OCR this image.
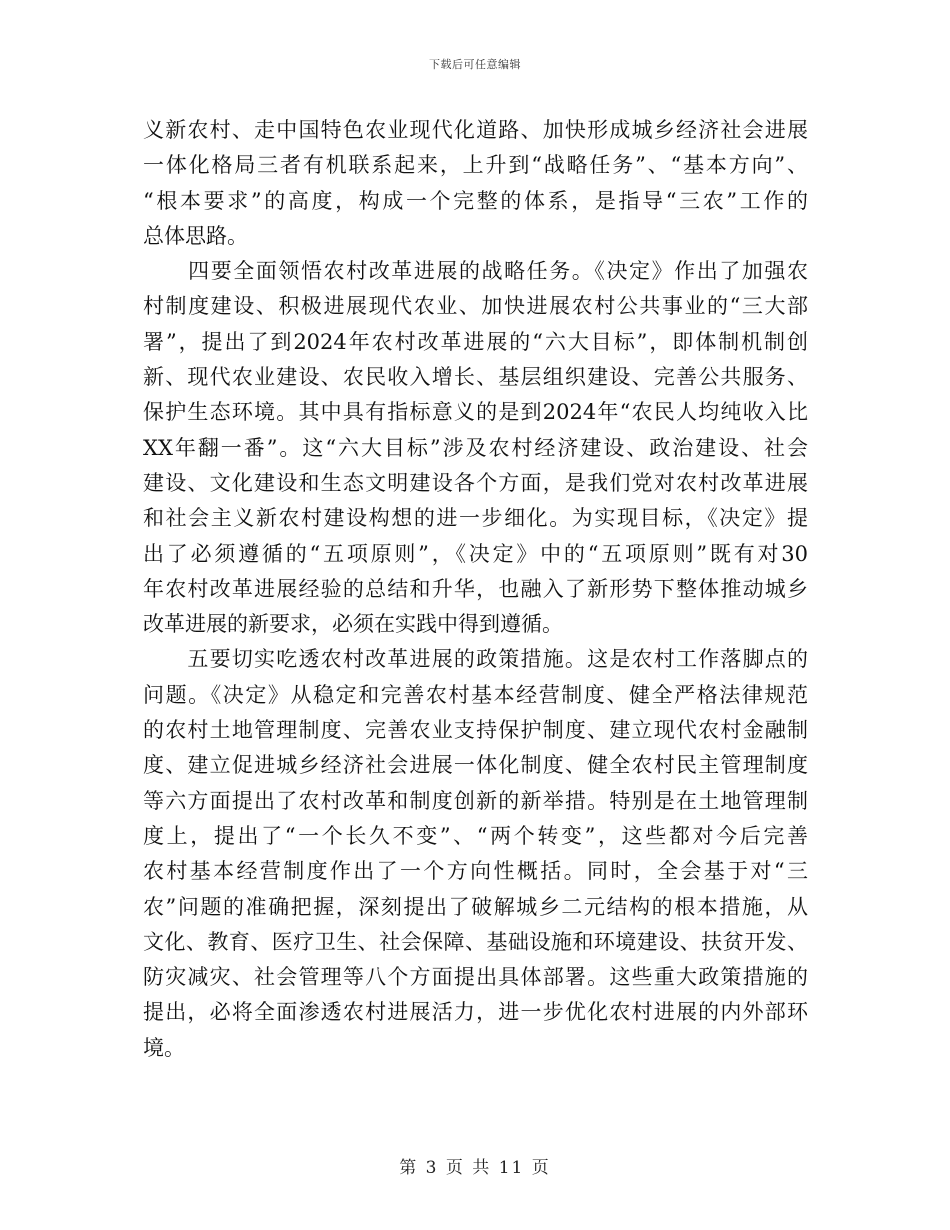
下载后可任意编辑
义新农村、走中国特色农业现代化道路、加快形成城乡经济社会进展
一体化格局三者有机联系起来，上升到“战略任务”、“基本方向”、
“根本要求”的高度，构成一个完整的体系，是指导“三农”工作的
总体思路。
　　四要全面领悟农村改革进展的战略任务。《决定》作出了加强农
村制度建设、积极进展现代农业、加快进展农村公共事业的“三大部
署”，提出了到2024年农村改革进展的“六大目标”，即体制机制创
新、现代农业建设、农民收入增长、基层组织建设、完善公共服务、
保护生态环境。其中具有指标意义的是到2024年“农民人均纯收入比
XX年翻一番”。这“六大目标”涉及农村经济建设、政治建设、社会
建设、文化建设和生态文明建设各个方面，是我们党对农村改革进展
和社会主义新农村建设构想的进一步细化。为实现目标，《决定》提
出了必须遵循的“五项原则”，《决定》中的“五项原则”既有对30
年农村改革进展经验的总结和升华，也融入了新形势下整体推动城乡
改革进展的新要求，必须在实践中得到遵循。
　　五要切实吃透农村改革进展的政策措施。这是农村工作落脚点的
问题。《决定》从稳定和完善农村基本经营制度、健全严格法律规范
的农村土地管理制度、完善农业支持保护制度、建立现代农村金融制
度、建立促进城乡经济社会进展一体化制度、健全农村民主管理制度
等六方面提出了农村改革和制度创新的新举措。特别是在土地管理制
度上，提出了“一个长久不变”、“两个转变”，这些都对今后完善
农村基本经营制度作出了一个方向性概括。同时，全会基于对“三
农”问题的准确把握，深刻提出了破解城乡二元结构的根本措施，从
文化、教育、医疗卫生、社会保障、基础设施和环境建设、扶贫开发、
防灾减灾、社会管理等八个方面提出具体部署。这些重大政策措施的
提出，必将全面渗透农村进展活力，进一步优化农村进展的内外部环
境。
第 3 页 共 11 页
